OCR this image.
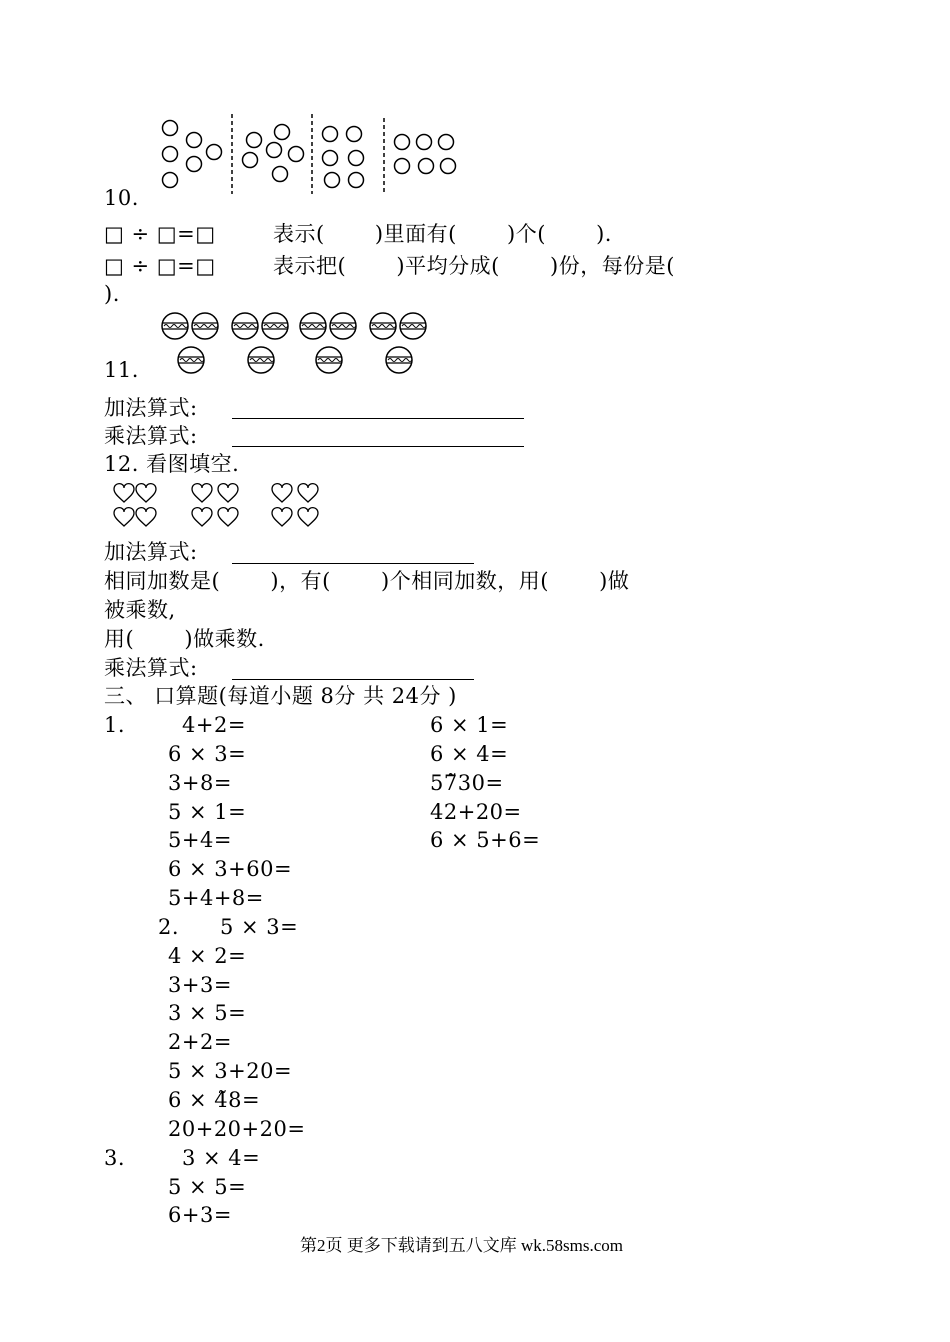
10.
□ ÷ □=□        表示(       )里面有(       )个(       ).
□ ÷ □=□        表示把(       )平均分成(       )份，每份是(
).
11.
加法算式:
乘法算式:
12. 看图填空.
加法算式:
相同加数是(       )，有(       )个相同加数，用(       )做
被乘数,
用(       )做乘数.
乘法算式:
三、 口算题(每道小题 8分 共 24分 )
1.	4+2=
6 × 3=
3+8=
5 × 1=
5+4=
6 × 3+60=
5+4+8=
6 × 1=
6 × 4=
57̃30=
42+20=
6 × 5+6=
2. 5 × 3=
4 × 2=
3+3=
3 × 5=
2+2=
5 × 3+20=
6 × 4̃8=
20+20+20=
3.	3 × 4=
5 × 5=
6+3=
第2页 更多下载请到五八文库 wk.58sms.com
